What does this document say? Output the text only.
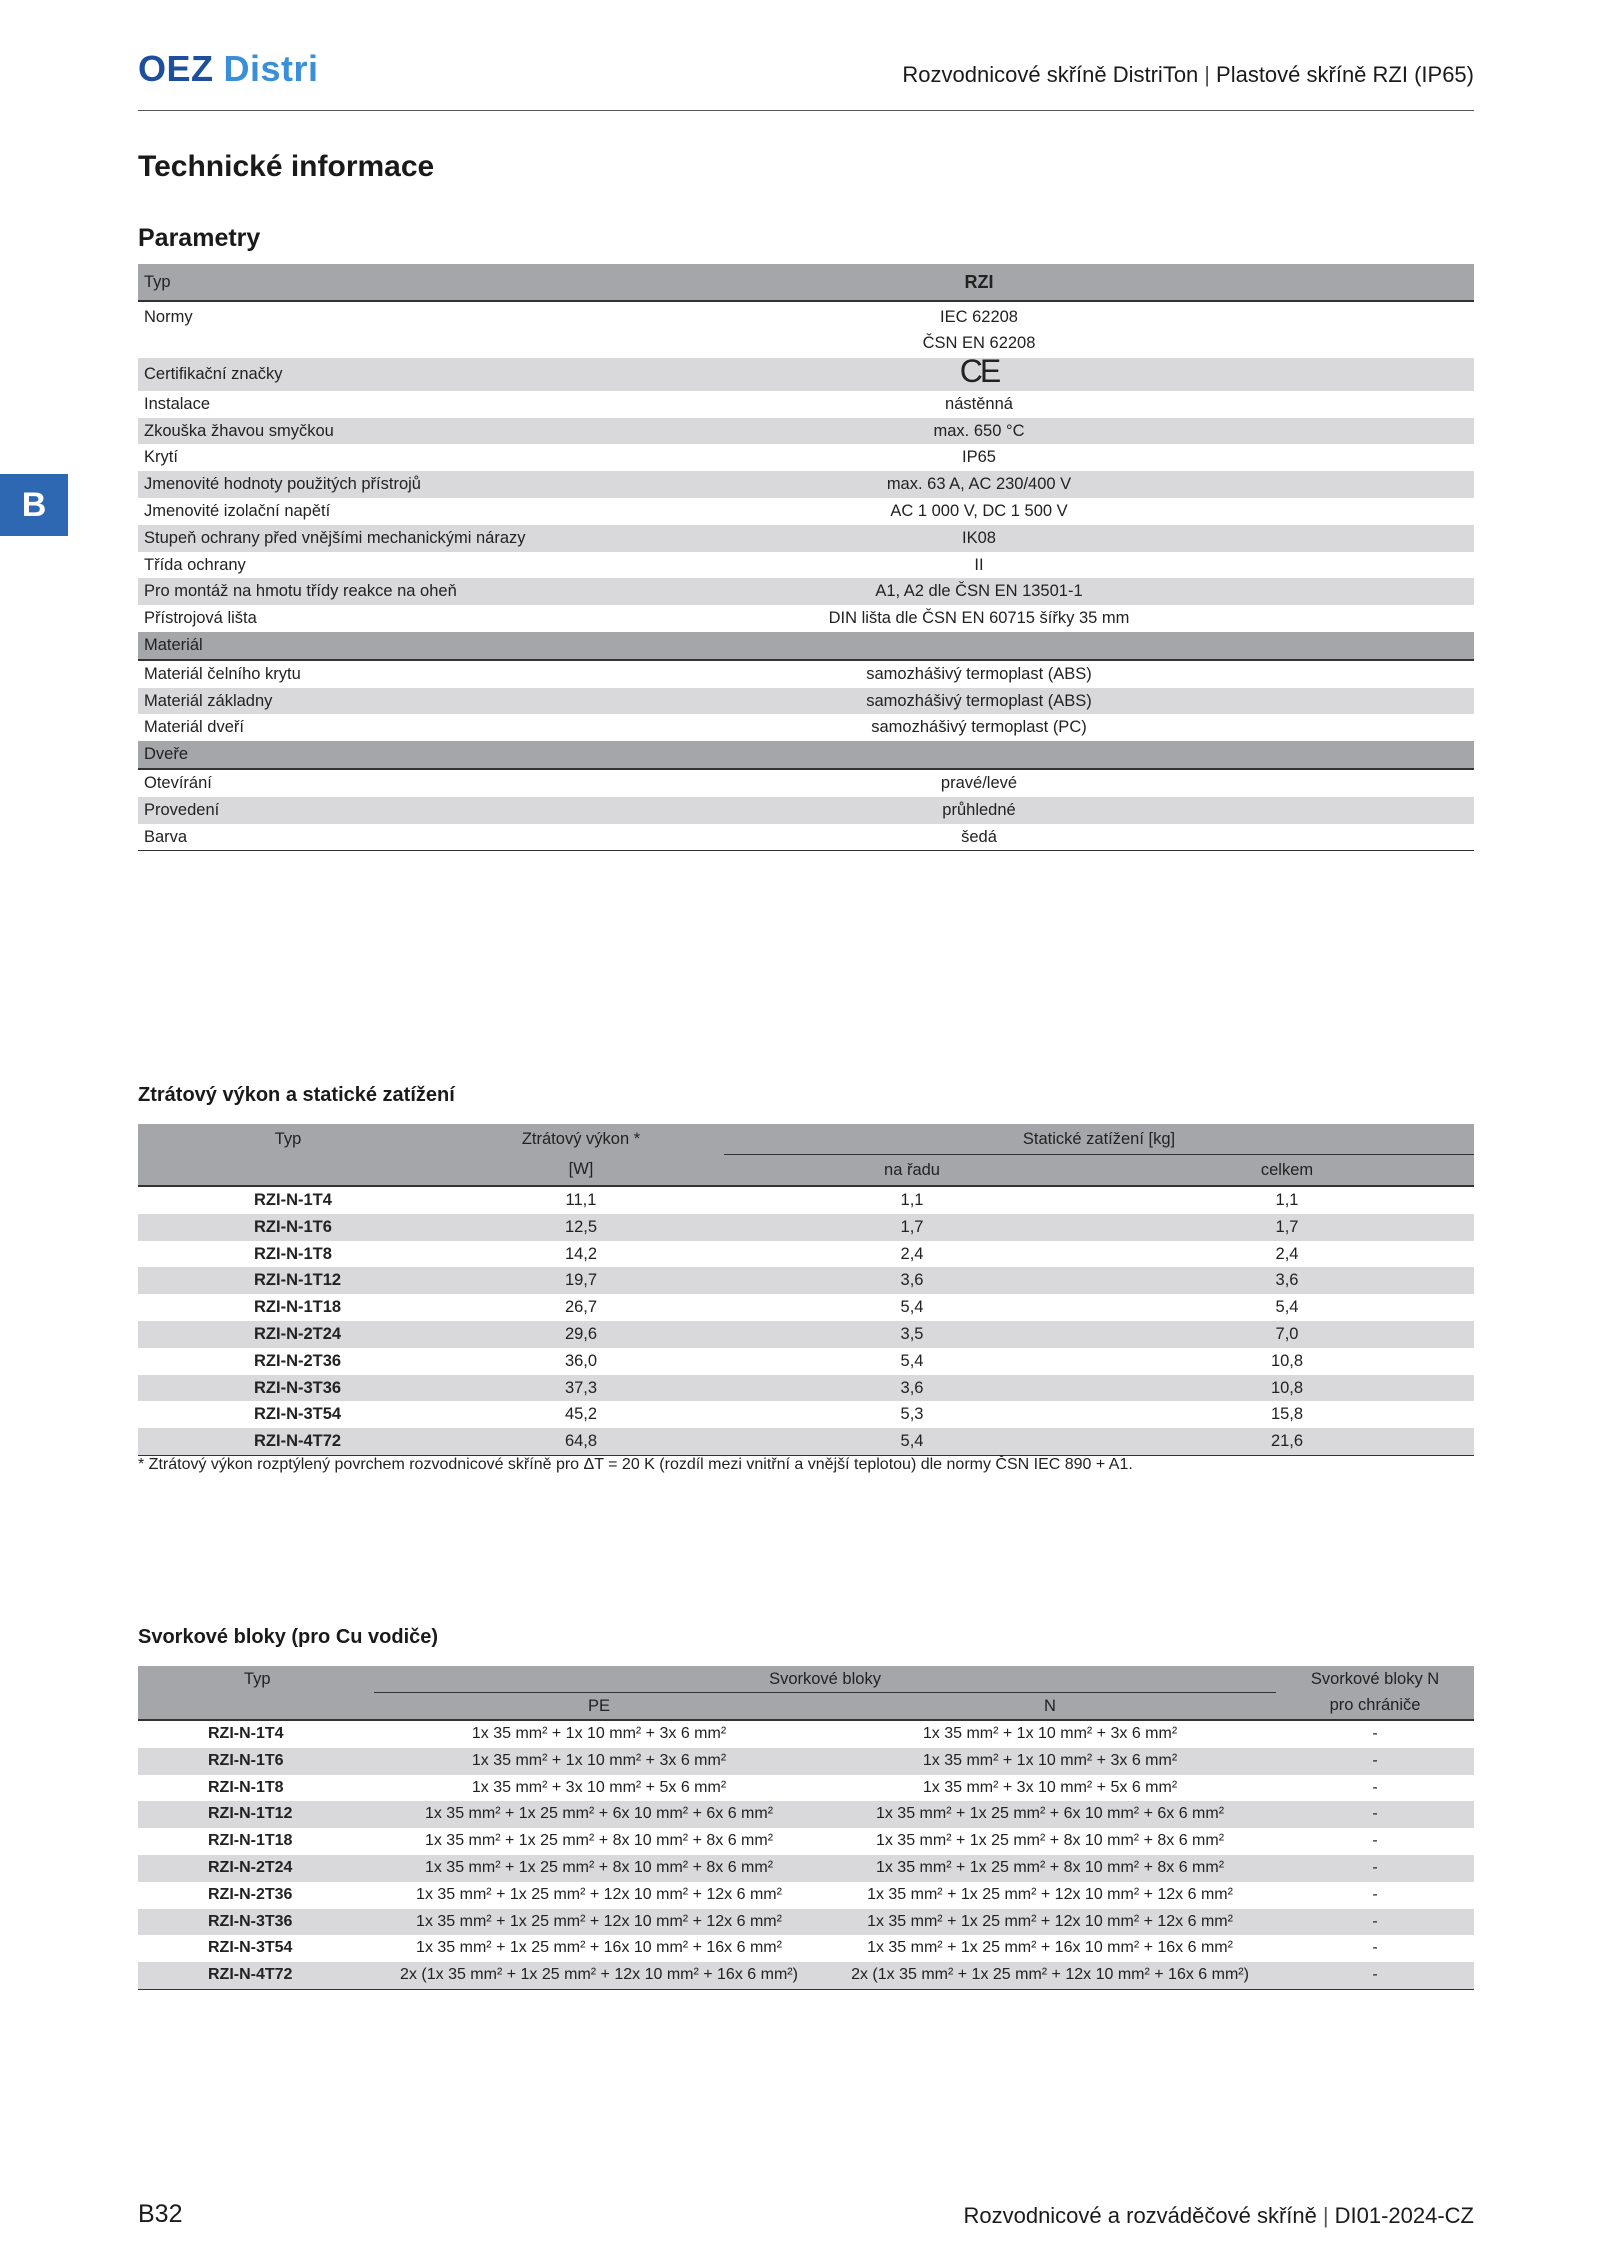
OEZ Distri	Rozvodnicové skříně DistriTon | Plastové skříně RZI (IP65)
B
Technické informace
Parametry
Typ	RZI
Normy	IEC 62208
ČSN EN 62208
Certifikační značky	CE
Instalace	nástěnná
Zkouška žhavou smyčkou	max. 650 °C
Krytí	IP65
Jmenovité hodnoty použitých přístrojů	max. 63 A, AC 230/400 V
Jmenovité izolační napětí	AC 1 000 V, DC 1 500 V
Stupeň ochrany před vnějšími mechanickými nárazy	IK08
Třída ochrany	II
Pro montáž na hmotu třídy reakce na oheň	A1, A2 dle ČSN EN 13501-1
Přístrojová lišta	DIN lišta dle ČSN EN 60715 šířky 35 mm
Materiál	
Materiál čelního krytu	samozhášivý termoplast (ABS)
Materiál základny	samozhášivý termoplast (ABS)
Materiál dveří	samozhášivý termoplast (PC)
Dveře	
Otevírání	pravé/levé
Provedení	průhledné
Barva	šedá
Ztrátový výkon a statické zatížení
Typ	Ztrátový výkon *	Statické zatížení [kg]	
	[W]	na řadu	celkem
RZI-N-1T4	11,1	1,1	1,1
RZI-N-1T6	12,5	1,7	1,7
RZI-N-1T8	14,2	2,4	2,4
RZI-N-1T12	19,7	3,6	3,6
RZI-N-1T18	26,7	5,4	5,4
RZI-N-2T24	29,6	3,5	7,0
RZI-N-2T36	36,0	5,4	10,8
RZI-N-3T36	37,3	3,6	10,8
RZI-N-3T54	45,2	5,3	15,8
RZI-N-4T72	64,8	5,4	21,6
* Ztrátový výkon rozptýlený povrchem rozvodnicové skříně pro ΔT = 20 K (rozdíl mezi vnitřní a vnější teplotou) dle normy ČSN IEC 890 + A1.
Svorkové bloky (pro Cu vodiče)
Typ	Svorkové bloky		Svorkové bloky N
	PE	N	pro chrániče
RZI-N-1T4	1x 35 mm² + 1x 10 mm² + 3x 6 mm²	1x 35 mm² + 1x 10 mm² + 3x 6 mm²	-
RZI-N-1T6	1x 35 mm² + 1x 10 mm² + 3x 6 mm²	1x 35 mm² + 1x 10 mm² + 3x 6 mm²	-
RZI-N-1T8	1x 35 mm² + 3x 10 mm² + 5x 6 mm²	1x 35 mm² + 3x 10 mm² + 5x 6 mm²	-
RZI-N-1T12	1x 35 mm² + 1x 25 mm² + 6x 10 mm² + 6x 6 mm²	1x 35 mm² + 1x 25 mm² + 6x 10 mm² + 6x 6 mm²	-
RZI-N-1T18	1x 35 mm² + 1x 25 mm² + 8x 10 mm² + 8x 6 mm²	1x 35 mm² + 1x 25 mm² + 8x 10 mm² + 8x 6 mm²	-
RZI-N-2T24	1x 35 mm² + 1x 25 mm² + 8x 10 mm² + 8x 6 mm²	1x 35 mm² + 1x 25 mm² + 8x 10 mm² + 8x 6 mm²	-
RZI-N-2T36	1x 35 mm² + 1x 25 mm² + 12x 10 mm² + 12x 6 mm²	1x 35 mm² + 1x 25 mm² + 12x 10 mm² + 12x 6 mm²	-
RZI-N-3T36	1x 35 mm² + 1x 25 mm² + 12x 10 mm² + 12x 6 mm²	1x 35 mm² + 1x 25 mm² + 12x 10 mm² + 12x 6 mm²	-
RZI-N-3T54	1x 35 mm² + 1x 25 mm² + 16x 10 mm² + 16x 6 mm²	1x 35 mm² + 1x 25 mm² + 16x 10 mm² + 16x 6 mm²	-
RZI-N-4T72	2x (1x 35 mm² + 1x 25 mm² + 12x 10 mm² + 16x 6 mm²)	2x (1x 35 mm² + 1x 25 mm² + 12x 10 mm² + 16x 6 mm²)	-
B32	Rozvodnicové a rozváděčové skříně | DI01-2024-CZ
